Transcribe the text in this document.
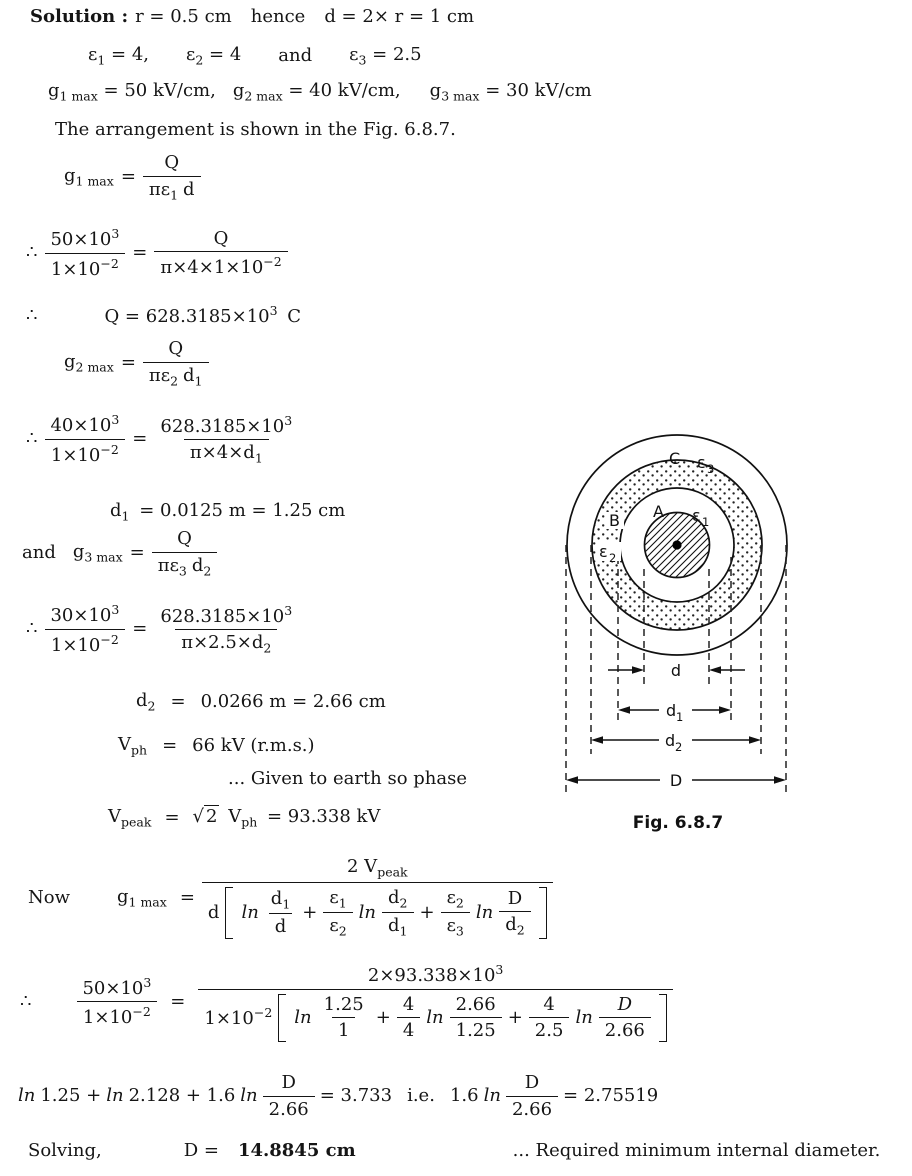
Solution : r = 0.5 cm hence d = 2× r = 1 cm
$\varepsilon_1 = 4$, $\varepsilon_2 = 4$ and $\varepsilon_3 = 2.5$
$g_{1 max} = 50$ kV/cm, $g_{2 max} = 40$ kV/cm, $g_{3 max} = 30$ kV/cm
The arrangement is shown in the Fig. 6.8.7.
$g_{1 max} = \frac{Q}{\pi\varepsilon_1 d}$
∴ $\frac{50\times 10^3}{1\times 10^{-2}} = \frac{Q}{\pi\times 4\times 1\times 10^{-2}}$
∴	$Q = 628.3185\times 10^3$ C
$g_{2 max} = \frac{Q}{\pi\varepsilon_2 d_1}$
∴ $\frac{40\times 10^3}{1\times 10^{-2}} = \frac{628.3185\times 10^3}{\pi\times 4\times d_1}$
$d_1 = 0.0125$ m = 1.25 cm
and $g_{3 max} = \frac{Q}{\pi\varepsilon_3 d_2}$
∴ $\frac{30\times 10^3}{1\times 10^{-2}} = \frac{628.3185\times 10^3}{\pi\times 2.5\times d_2}$
$d_2 = 0.0266$ m = 2.66 cm
$V_{ph} = 66$ kV (r.m.s.)
... Given to earth so phase
$V_{peak}$ = √ 2 $V_{ph} = 93.338$ kV
Now	$g_{1 max}$ =
2 $V_{peak}$
d $\ln \frac{d_1}{d} + \frac{\varepsilon_1}{\varepsilon_2}$ $\ln \frac{d_2}{d_1} + \frac{\varepsilon_2}{\varepsilon_3}$ $\ln \frac{D}{d_2}$
∴	$\frac{50\times 10^3}{1\times 10^{-2}}$ =
$2\times 93.338\times 10^3$
$1\times 10^{-2}$ $\ln \frac{1.25}{1} + \frac{4}{4}$ $\ln \frac{2.66}{1.25} + \frac{4}{2.5}$ $\ln \frac{D}{2.66}$
ln 1.25 + ln 2.128 + 1.6 $\ln \frac{D}{2.66} = 3.733$ i.e. 1.6 $\ln \frac{D}{2.66} = 2.75519$
Solving,	D = 14.8845 cm	... Required minimum internal diameter.
d
d 1
d 2
D
C ε 3
A ε 1
B
ε 2
Fig. 6.8.7
